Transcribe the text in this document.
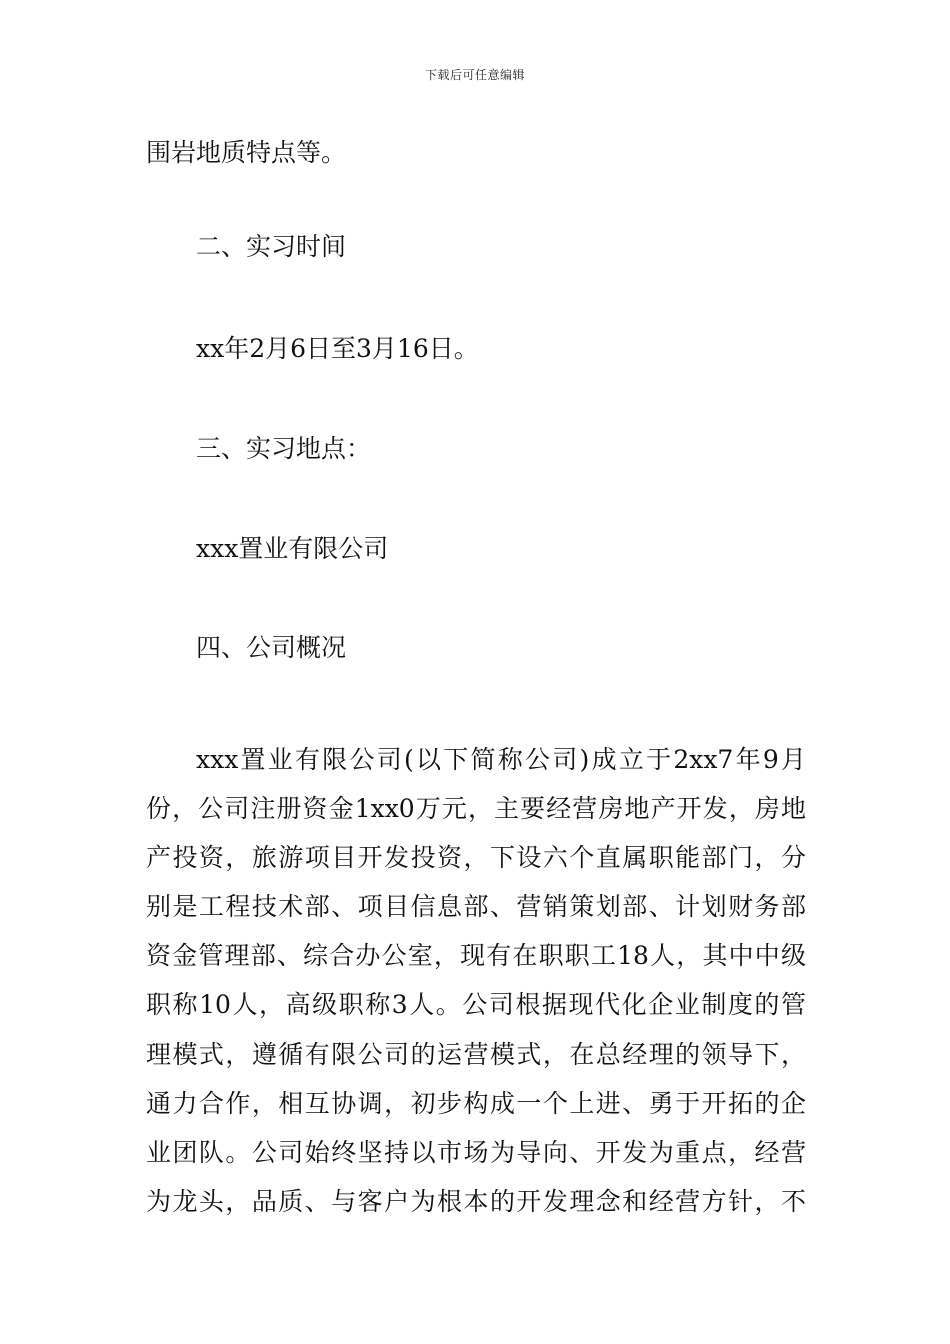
下载后可任意编辑

围岩地质特点等。

二、实习时间

xx年2月6日至3月16日。

三、实习地点：

xxx置业有限公司

四、公司概况

xxx置业有限公司(以下简称公司)成立于2xx7年9月
份，公司注册资金1xx0万元，主要经营房地产开发，房地
产投资，旅游项目开发投资，下设六个直属职能部门，分
别是工程技术部、项目信息部、营销策划部、计划财务部
资金管理部、综合办公室，现有在职职工18人，其中中级
职称10人，高级职称3人。公司根据现代化企业制度的管
理模式，遵循有限公司的运营模式，在总经理的领导下，
通力合作，相互协调，初步构成一个上进、勇于开拓的企
业团队。公司始终坚持以市场为导向、开发为重点，经营
为龙头，品质、与客户为根本的开发理念和经营方针，不
